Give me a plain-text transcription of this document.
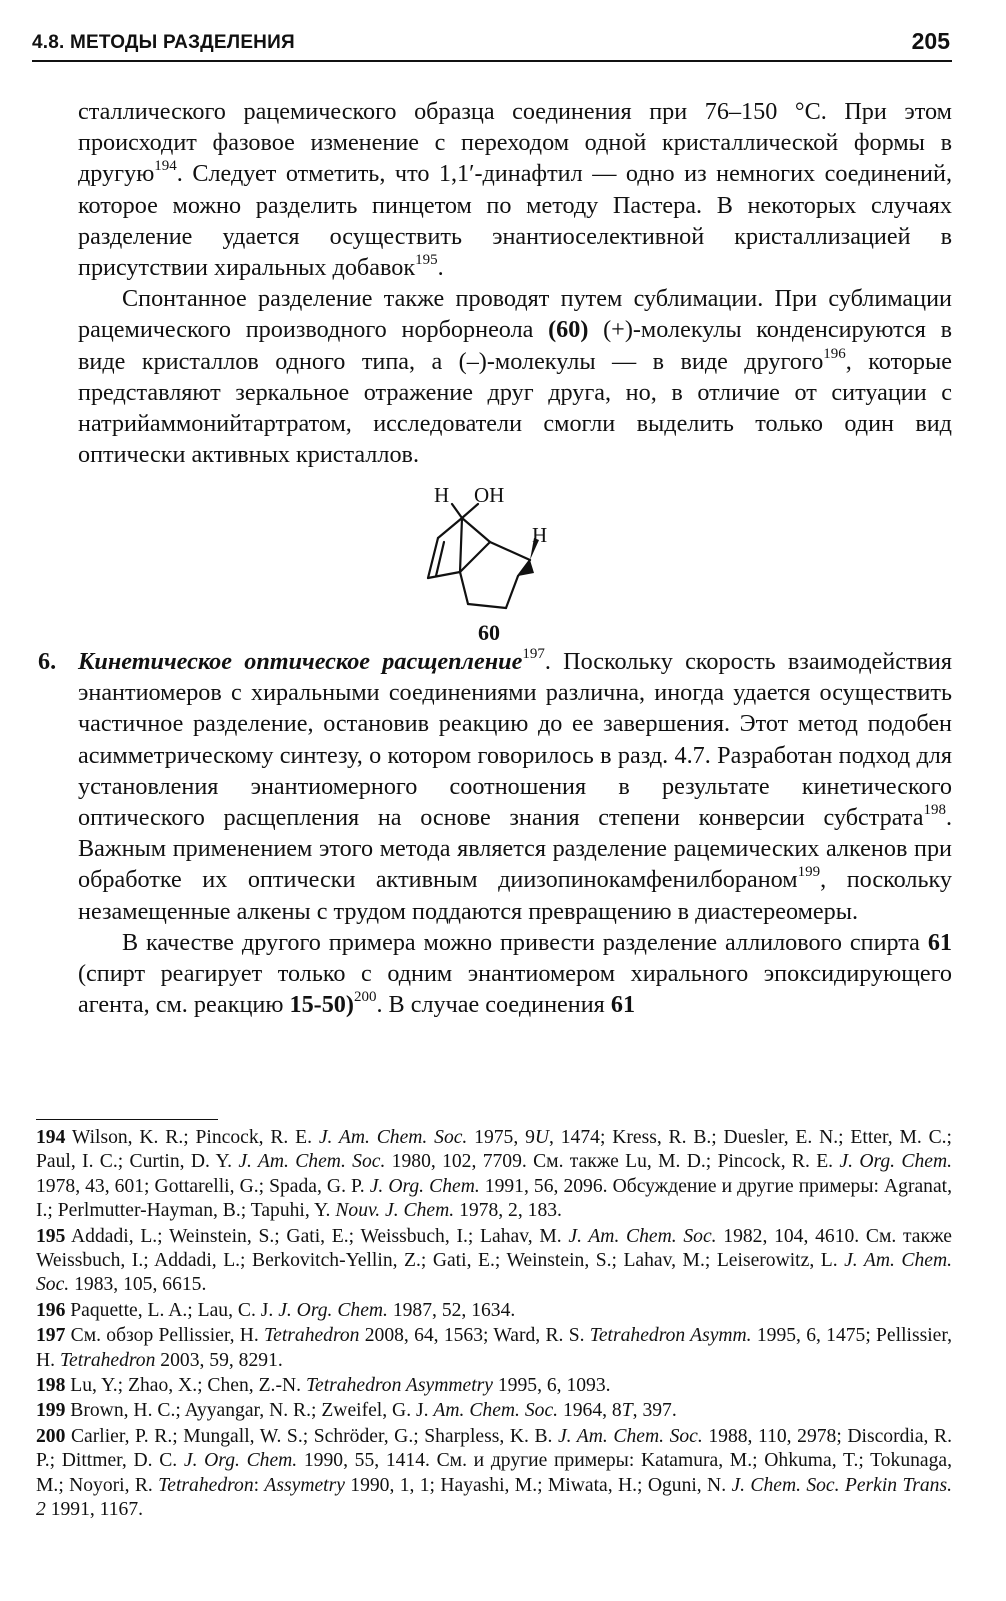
4.8. МЕТОДЫ РАЗДЕЛЕНИЯ	205

сталлического рацемического образца соединения при 76–150 °С. При этом происходит фазовое изменение с переходом одной кристаллической формы в другую$^{194}$. Следует отметить, что 1,1′-динафтил — одно из немногих соединений, которое можно разделить пинцетом по методу Пастера. В некоторых случаях разделение удается осуществить энантиоселективной кристаллизацией в присутствии хиральных добавок$^{195}$.

Спонтанное разделение также проводят путем сублимации. При сублимации рацемического производного норборнеола (60) (+)-молекулы конденсируются в виде кристаллов одного типа, а (–)-молекулы — в виде другого$^{196}$, которые представляют зеркальное отражение друг друга, но, в отличие от ситуации с натрийаммонийтартратом, исследователи смогли выделить только один вид оптически активных кристаллов.

H OH
H
60
6. Кинетическое оптическое расщепление$^{197}$. Поскольку скорость взаимодействия энантиомеров с хиральными соединениями различна, иногда удается осуществить частичное разделение, остановив реакцию до ее завершения. Этот метод подобен асимметрическому синтезу, о котором говорилось в разд. 4.7. Разработан подход для установления энантиомерного соотношения в результате кинетического оптического расщепления на основе знания степени конверсии субстрата$^{198}$. Важным применением этого метода является разделение рацемических алкенов при обработке их оптически активным диизопинокамфенилбораном$^{199}$, поскольку незамещенные алкены с трудом поддаются превращению в диастереомеры.

В качестве другого примера можно привести разделение аллилового спирта 61 (спирт реагирует только с одним энантиомером хирального эпоксидирующего агента, см. реакцию 15-50)$^{200}$. В случае соединения 61

194 Wilson, K. R.; Pincock, R. E. J. Am. Chem. Soc. 1975, 9U, 1474; Kress, R. B.; Duesler, E. N.; Etter, M. C.; Paul, I. C.; Curtin, D. Y. J. Am. Chem. Soc. 1980, 102, 7709. См. также Lu, M. D.; Pincock, R. E. J. Org. Chem. 1978, 43, 601; Gottarelli, G.; Spada, G. P. J. Org. Chem. 1991, 56, 2096. Обсуждение и другие примеры: Agranat, I.; Perlmutter-Hayman, B.; Tapuhi, Y. Nouv. J. Chem. 1978, 2, 183.

195 Addadi, L.; Weinstein, S.; Gati, E.; Weissbuch, I.; Lahav, M. J. Am. Chem. Soc. 1982, 104, 4610. См. также Weissbuch, I.; Addadi, L.; Berkovitch-Yellin, Z.; Gati, E.; Weinstein, S.; Lahav, M.; Leiserowitz, L. J. Am. Chem. Soc. 1983, 105, 6615.

196 Paquette, L. A.; Lau, C. J. J. Org. Chem. 1987, 52, 1634.

197 См. обзор Pellissier, H. Tetrahedron 2008, 64, 1563; Ward, R. S. Tetrahedron Asymm. 1995, 6, 1475; Pellissier, H. Tetrahedron 2003, 59, 8291.

198 Lu, Y.; Zhao, X.; Chen, Z.-N. Tetrahedron Asymmetry 1995, 6, 1093.

199 Brown, H. C.; Ayyangar, N. R.; Zweifel, G. J. Am. Chem. Soc. 1964, 8T, 397.

200 Carlier, P. R.; Mungall, W. S.; Schröder, G.; Sharpless, K. B. J. Am. Chem. Soc. 1988, 110, 2978; Discordia, R. P.; Dittmer, D. C. J. Org. Chem. 1990, 55, 1414. См. и другие примеры: Katamura, M.; Ohkuma, T.; Tokunaga, M.; Noyori, R. Tetrahedron: Assymetry 1990, 1, 1; Hayashi, M.; Miwata, H.; Oguni, N. J. Chem. Soc. Perkin Trans. 2 1991, 1167.
